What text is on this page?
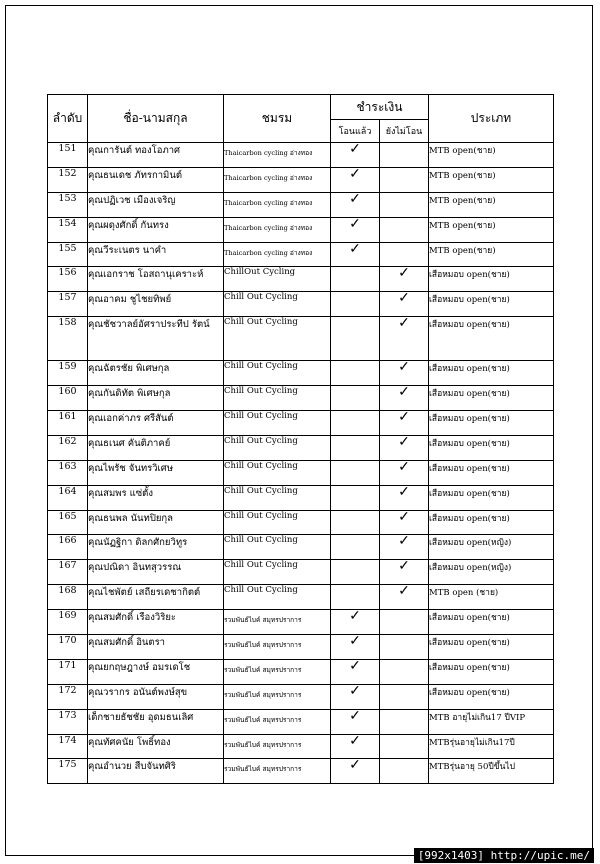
ลำดับ	ชื่อ-นามสกุล	ชมรม	ชำระเงิน		ประเภท
			โอนแล้ว	ยังไม่โอน	
151	คุณการันต์ ทองโอภาศ	Thaicarbon cycling อ่างทอง	✓		MTB open(ชาย)
152	คุณธนเดช ภัทรกามินต์	Thaicarbon cycling อ่างทอง	✓		MTB open(ชาย)
153	คุณปฏิเวช เมืองเจริญ	Thaicarbon cycling อ่างทอง	✓		MTB open(ชาย)
154	คุณผดุงศักดิ์ กันทรง	Thaicarbon cycling อ่างทอง	✓		MTB open(ชาย)
155	คุณวีระเนตร นาคำ	Thaicarbon cycling อ่างทอง	✓		MTB open(ชาย)
156	คุณเอกราช โอสถานุเคราะห์	ChillOut Cycling		✓	เสือหมอบ open(ชาย)
157	คุณอาคม ชูไชยทิพย์	Chill Out Cycling		✓	เสือหมอบ open(ชาย)
158	คุณชัชวาลย์อัศราประทีป รัตน์	Chill Out Cycling		✓	เสือหมอบ open(ชาย)
159	คุณฉัตรชัย พิเศษกุล	Chill Out Cycling		✓	เสือหมอบ open(ชาย)
160	คุณกันดิทัต พิเศษกุล	Chill Out Cycling		✓	เสือหมอบ open(ชาย)
161	คุณเอกค่าภร ศรีสันต์	Chill Out Cycling		✓	เสือหมอบ open(ชาย)
162	คุณธเนศ คันติภาคย์	Chill Out Cycling		✓	เสือหมอบ open(ชาย)
163	คุณไพรัช จันทรวิเศษ	Chill Out Cycling		✓	เสือหมอบ open(ชาย)
164	คุณสมพร แซ่ตั้ง	Chill Out Cycling		✓	เสือหมอบ open(ชาย)
165	คุณธนพล นันทปิยกุล	Chill Out Cycling		✓	เสือหมอบ open(ชาย)
166	คุณนัฏฐิกา ดิลกศักยวิทูร	Chill Out Cycling		✓	เสือหมอบ open(หญิง)
167	คุณปณิดา อินทสุวรรณ	Chill Out Cycling		✓	เสือหมอบ open(หญิง)
168	คุณไชพัตย์ เสถียรเดชากิตต์	Chill Out Cycling		✓	MTB open (ชาย)
169	คุณสมศักดิ์ เรืองวิริยะ	รวมพันธ์ไบค์ สมุทรปราการ	✓		เสือหมอบ open(ชาย)
170	คุณสมศักดิ์ อินตรา	รวมพันธ์ไบค์ สมุทรปราการ	✓		เสือหมอบ open(ชาย)
171	คุณยกฤษฎางษ์ อมรเดโช	รวมพันธ์ไบค์ สมุทรปราการ	✓		เสือหมอบ open(ชาย)
172	คุณวรากร อนันต์พงษ์สุข	รวมพันธ์ไบค์ สมุทรปราการ	✓		เสือหมอบ open(ชาย)
173	เด็กชายธัชชัย อุดมธนเลิศ	รวมพันธ์ไบค์ สมุทรปราการ	✓		MTB อายุไม่เกิน17 ปีVIP
174	คุณทัศคนัย โพธิ์ทอง	รวมพันธ์ไบค์ สมุทรปราการ	✓		MTBรุ่นอายุไม่เกิน17ปี
175	คุณอำนวย สืบจันทศิริ	รวมพันธ์ไบค์ สมุทรปราการ	✓		MTBรุ่นอายุ 50ปีขึ้นไป
[992x1403] http://upic.me/
